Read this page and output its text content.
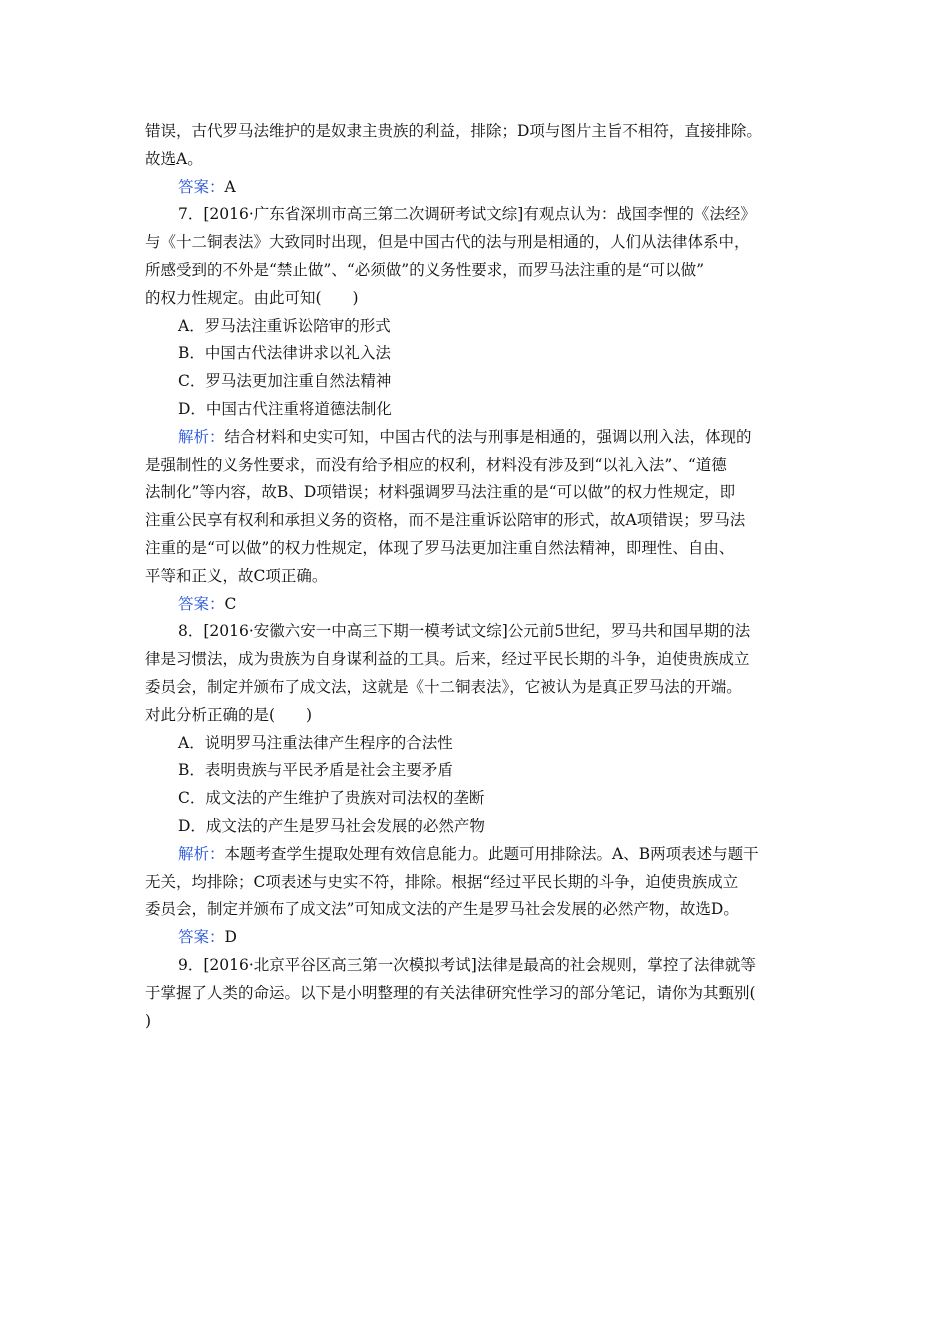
错误，古代罗马法维护的是奴隶主贵族的利益，排除；D项与图片主旨不相符，直接排除。
故选A。
答案：A
7．[2016·广东省深圳市高三第二次调研考试文综]有观点认为：战国李悝的《法经》
与《十二铜表法》大致同时出现，但是中国古代的法与刑是相通的，人们从法律体系中，
所感受到的不外是“禁止做”、“必须做”的义务性要求，而罗马法注重的是“可以做”
的权力性规定。由此可知(　　)
A．罗马法注重诉讼陪审的形式
B．中国古代法律讲求以礼入法
C．罗马法更加注重自然法精神
D．中国古代注重将道德法制化
解析：结合材料和史实可知，中国古代的法与刑事是相通的，强调以刑入法，体现的
是强制性的义务性要求，而没有给予相应的权利，材料没有涉及到“以礼入法”、“道德
法制化”等内容，故B、D项错误；材料强调罗马法注重的是“可以做”的权力性规定，即
注重公民享有权利和承担义务的资格，而不是注重诉讼陪审的形式，故A项错误；罗马法
注重的是“可以做”的权力性规定，体现了罗马法更加注重自然法精神，即理性、自由、
平等和正义，故C项正确。
答案：C
8．[2016·安徽六安一中高三下期一模考试文综]公元前5世纪，罗马共和国早期的法
律是习惯法，成为贵族为自身谋利益的工具。后来，经过平民长期的斗争，迫使贵族成立
委员会，制定并颁布了成文法，这就是《十二铜表法》，它被认为是真正罗马法的开端。
对此分析正确的是(　　)
A．说明罗马注重法律产生程序的合法性
B．表明贵族与平民矛盾是社会主要矛盾
C．成文法的产生维护了贵族对司法权的垄断
D．成文法的产生是罗马社会发展的必然产物
解析：本题考查学生提取处理有效信息能力。此题可用排除法。A、B两项表述与题干
无关，均排除；C项表述与史实不符，排除。根据“经过平民长期的斗争，迫使贵族成立
委员会，制定并颁布了成文法”可知成文法的产生是罗马社会发展的必然产物，故选D。
答案：D
9．[2016·北京平谷区高三第一次模拟考试]法律是最高的社会规则，掌控了法律就等
于掌握了人类的命运。以下是小明整理的有关法律研究性学习的部分笔记，请你为其甄别(
)
